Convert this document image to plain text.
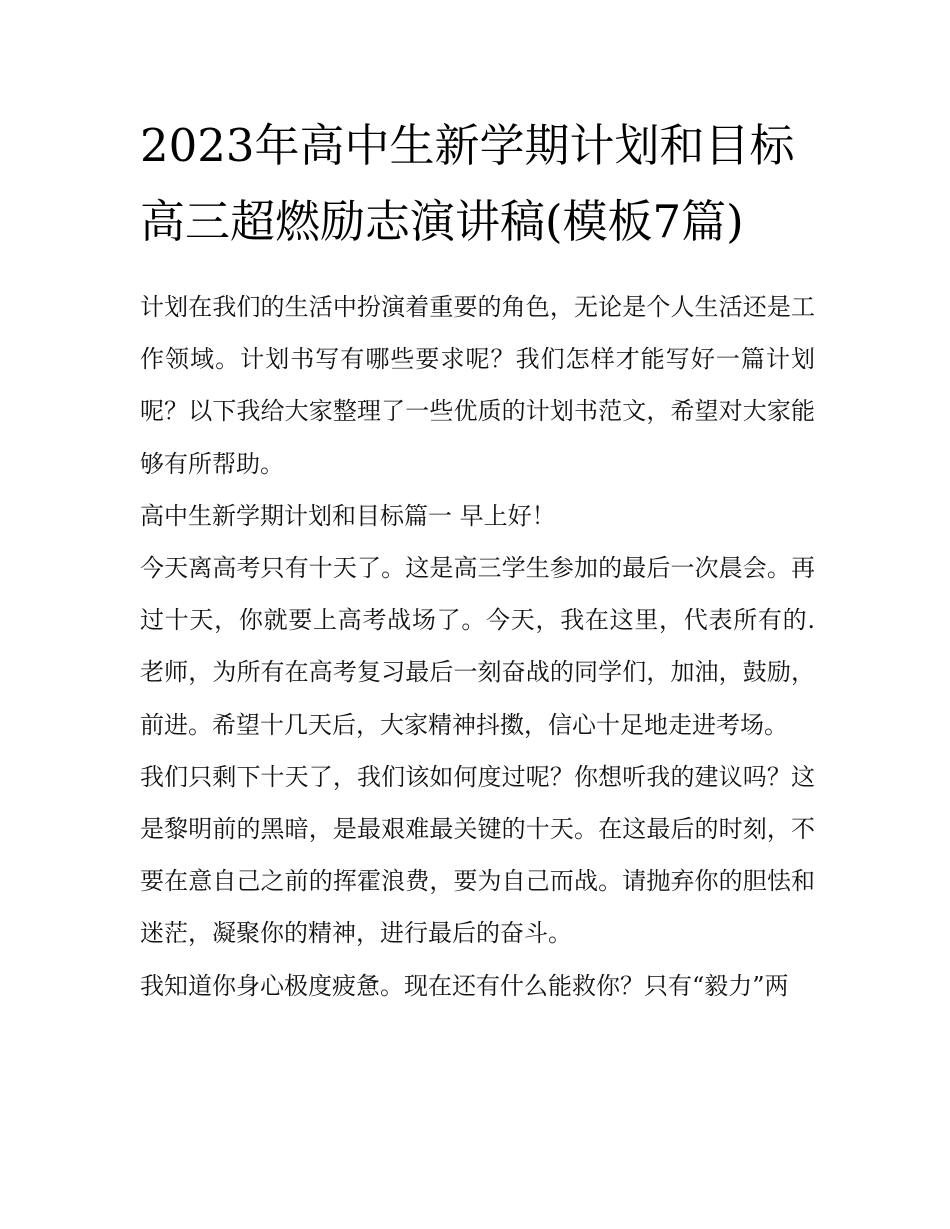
2023年高中生新学期计划和目标 高三超燃励志演讲稿(模板7篇)

计划在我们的生活中扮演着重要的角色，无论是个人生活还是工作领域。计划书写有哪些要求呢？我们怎样才能写好一篇计划呢？以下我给大家整理了一些优质的计划书范文，希望对大家能够有所帮助。

高中生新学期计划和目标篇一 早上好！

今天离高考只有十天了。这是高三学生参加的最后一次晨会。再过十天，你就要上高考战场了。今天，我在这里，代表所有的.老师，为所有在高考复习最后一刻奋战的同学们，加油，鼓励，前进。希望十几天后，大家精神抖擞，信心十足地走进考场。

我们只剩下十天了，我们该如何度过呢？你想听我的建议吗？这是黎明前的黑暗，是最艰难最关键的十天。在这最后的时刻，不要在意自己之前的挥霍浪费，要为自己而战。请抛弃你的胆怯和迷茫，凝聚你的精神，进行最后的奋斗。

我知道你身心极度疲惫。现在还有什么能救你？只有“毅力”两
